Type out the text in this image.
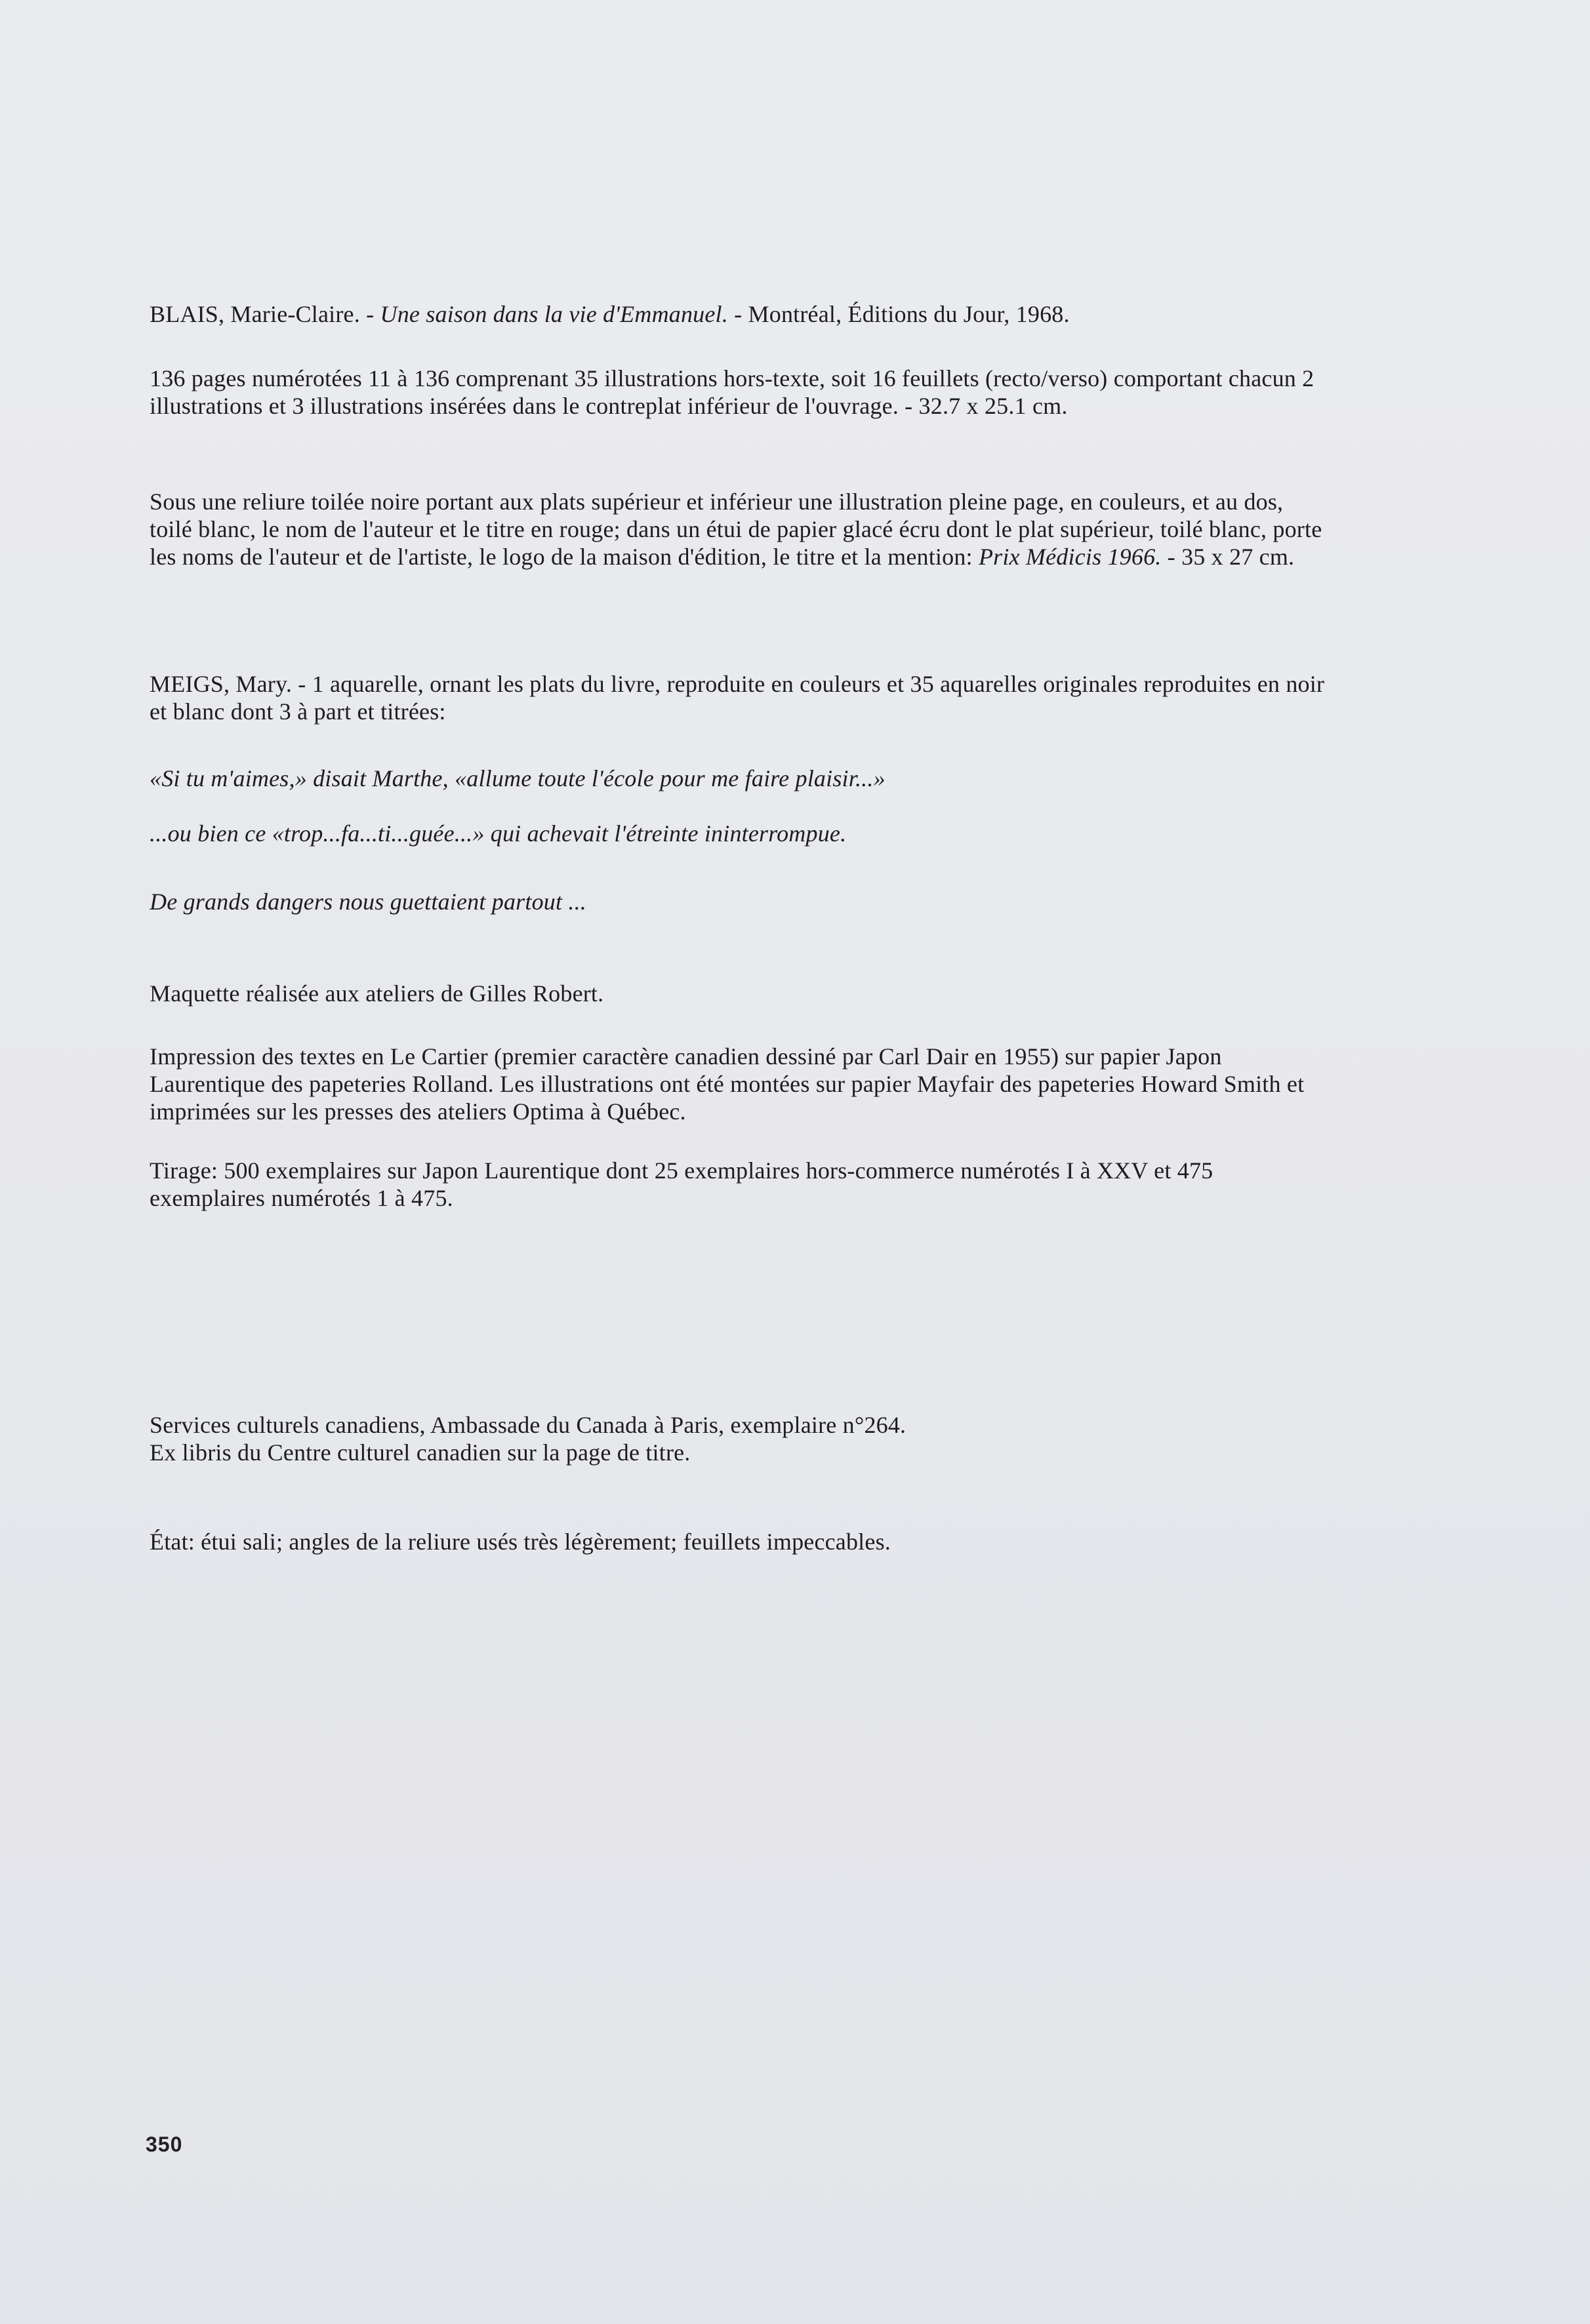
BLAIS, Marie-Claire. - Une saison dans la vie d'Emmanuel. - Montréal, Éditions du Jour, 1968.

136 pages numérotées 11 à 136 comprenant 35 illustrations hors-texte, soit 16 feuillets (recto/verso) comportant chacun 2 illustrations et 3 illustrations insérées dans le contreplat inférieur de l'ouvrage. - 32.7 x 25.1 cm.

Sous une reliure toilée noire portant aux plats supérieur et inférieur une illustration pleine page, en couleurs, et au dos, toilé blanc, le nom de l'auteur et le titre en rouge; dans un étui de papier glacé écru dont le plat supérieur, toilé blanc, porte les noms de l'auteur et de l'artiste, le logo de la maison d'édition, le titre et la mention: Prix Médicis 1966. - 35 x 27 cm.

MEIGS, Mary. - 1 aquarelle, ornant les plats du livre, reproduite en couleurs et 35 aquarelles originales reproduites en noir et blanc dont 3 à part et titrées:

«Si tu m'aimes,» disait Marthe, «allume toute l'école pour me faire plaisir...»

...ou bien ce «trop...fa...ti...guée...» qui achevait l'étreinte ininterrompue.

De grands dangers nous guettaient partout ...

Maquette réalisée aux ateliers de Gilles Robert.

Impression des textes en Le Cartier (premier caractère canadien dessiné par Carl Dair en 1955) sur papier Japon Laurentique des papeteries Rolland. Les illustrations ont été montées sur papier Mayfair des papeteries Howard Smith et imprimées sur les presses des ateliers Optima à Québec.

Tirage: 500 exemplaires sur Japon Laurentique dont 25 exemplaires hors-commerce numérotés I à XXV et 475 exemplaires numérotés 1 à 475.

Services culturels canadiens, Ambassade du Canada à Paris, exemplaire n°264.

Ex libris du Centre culturel canadien sur la page de titre.

État: étui sali; angles de la reliure usés très légèrement; feuillets impeccables.

350
